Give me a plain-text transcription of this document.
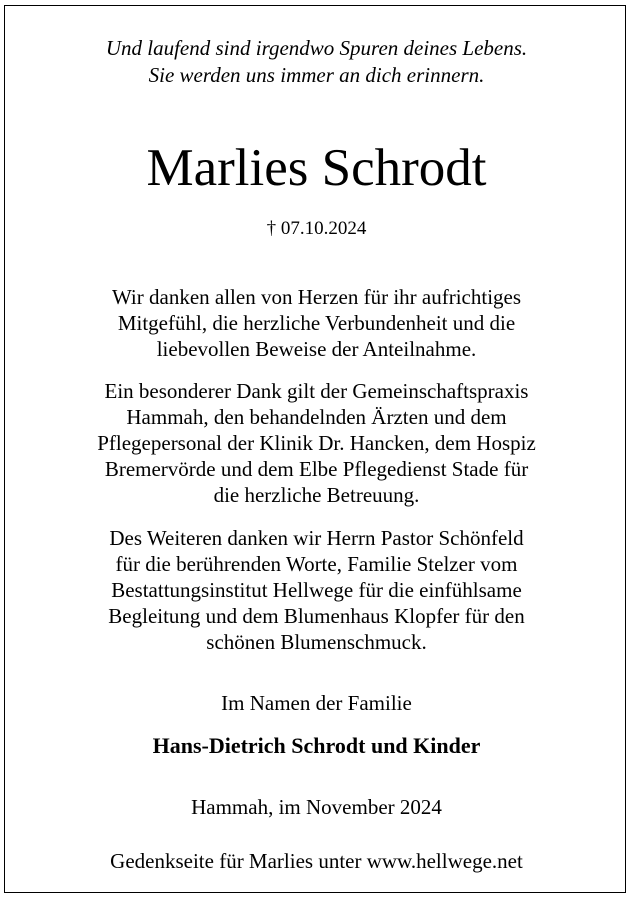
Und laufend sind irgendwo Spuren deines Lebens.
Sie werden uns immer an dich erinnern.
Marlies Schrodt
† 07.10.2024
Wir danken allen von Herzen für ihr aufrichtiges
Mitgefühl, die herzliche Verbundenheit und die
liebevollen Beweise der Anteilnahme.
Ein besonderer Dank gilt der Gemeinschaftspraxis
Hammah, den behandelnden Ärzten und dem
Pflegepersonal der Klinik Dr. Hancken, dem Hospiz
Bremervörde und dem Elbe Pflegedienst Stade für
die herzliche Betreuung.
Des Weiteren danken wir Herrn Pastor Schönfeld
für die berührenden Worte, Familie Stelzer vom
Bestattungsinstitut Hellwege für die einfühlsame
Begleitung und dem Blumenhaus Klopfer für den
schönen Blumenschmuck.
Im Namen der Familie
Hans-Dietrich Schrodt und Kinder
Hammah, im November 2024
Gedenkseite für Marlies unter www.hellwege.net
